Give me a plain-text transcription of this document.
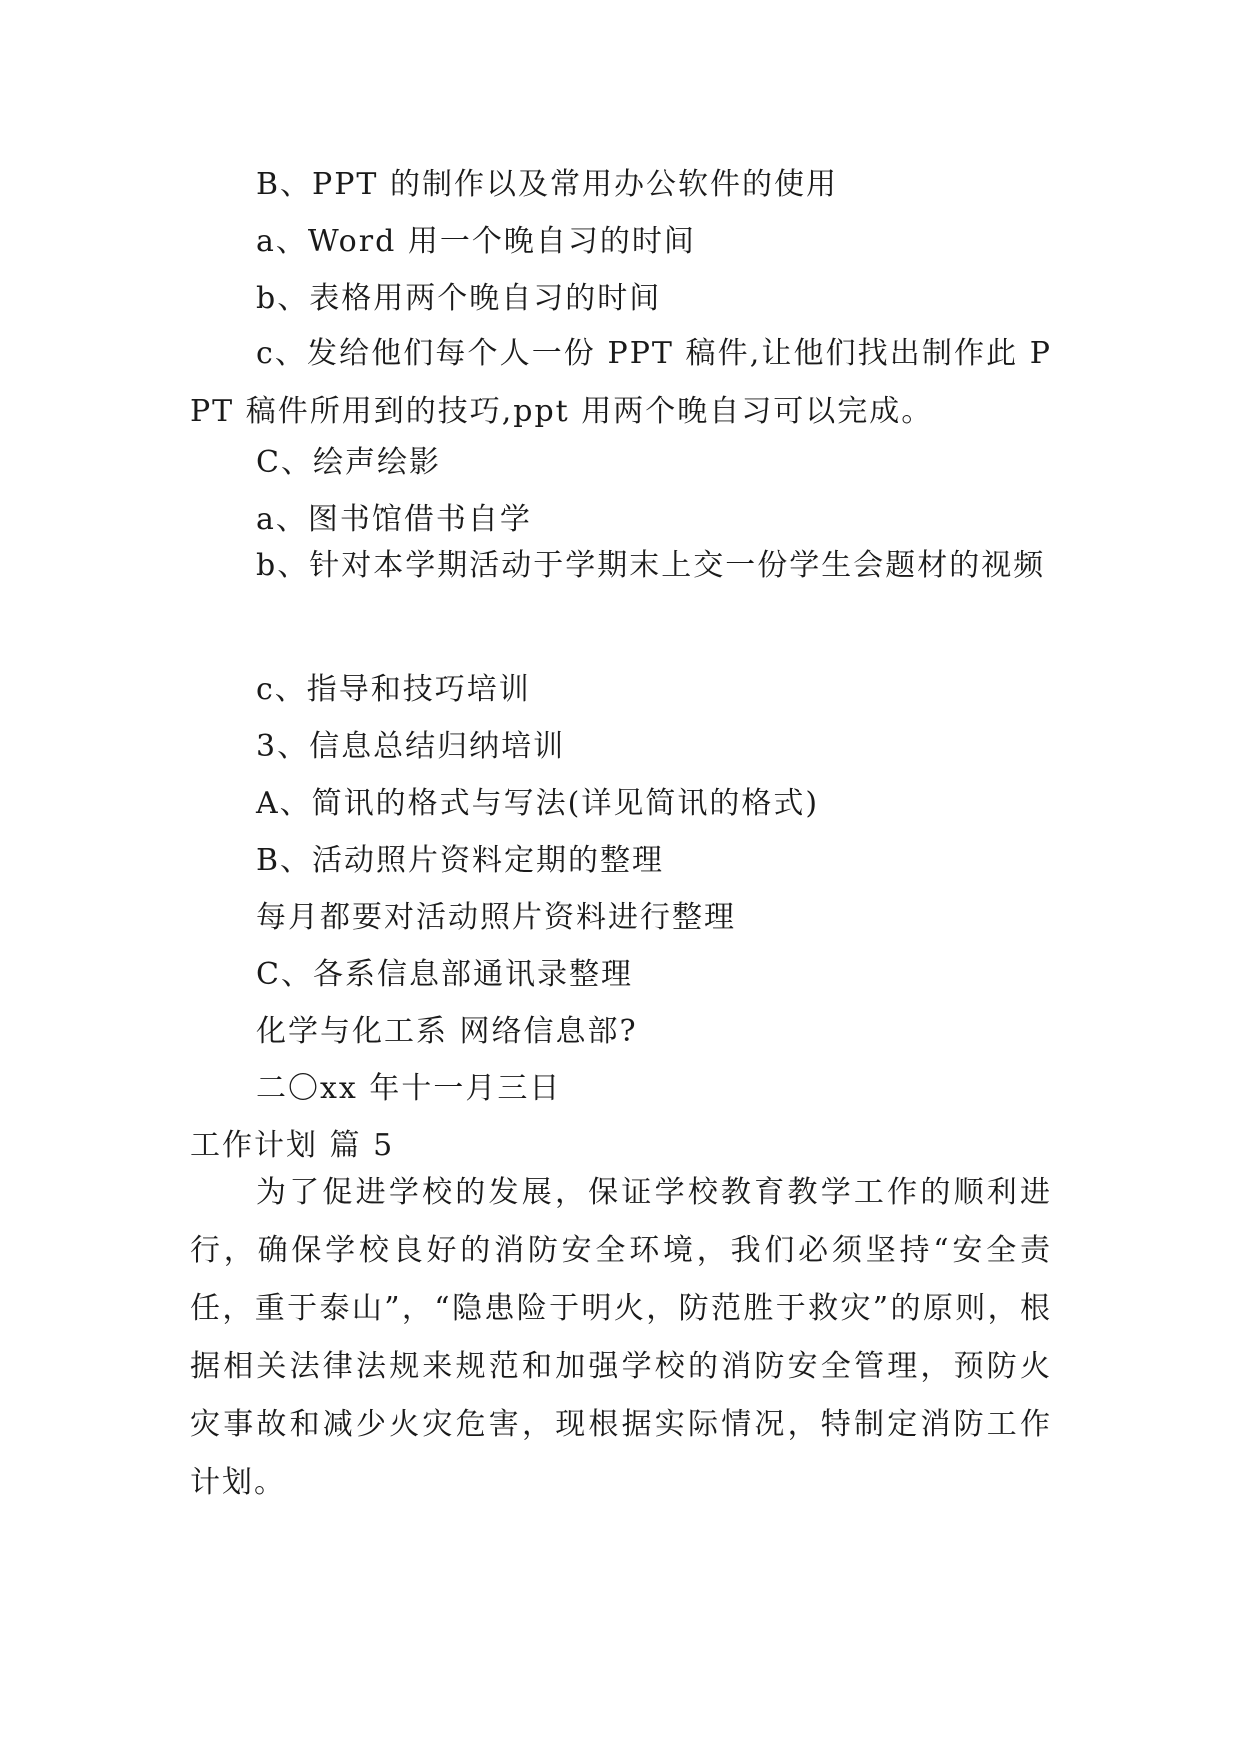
B、PPT 的制作以及常用办公软件的使用
a、Word 用一个晚自习的时间
b、表格用两个晚自习的时间
c、发给他们每个人一份 PPT 稿件,让他们找出制作此 PPT 稿件所用到的技巧,ppt 用两个晚自习可以完成。
C、绘声绘影
a、图书馆借书自学
b、针对本学期活动于学期末上交一份学生会题材的视频
c、指导和技巧培训
3、信息总结归纳培训
A、简讯的格式与写法(详见简讯的格式)
B、活动照片资料定期的整理
每月都要对活动照片资料进行整理
C、各系信息部通讯录整理
化学与化工系 网络信息部?
二〇xx 年十一月三日
工作计划 篇 5
为了促进学校的发展，保证学校教育教学工作的顺利进行，确保学校良好的消防安全环境，我们必须坚持“安全责任，重于泰山”，“隐患险于明火，防范胜于救灾”的原则，根据相关法律法规来规范和加强学校的消防安全管理，预防火灾事故和减少火灾危害，现根据实际情况，特制定消防工作计划。
